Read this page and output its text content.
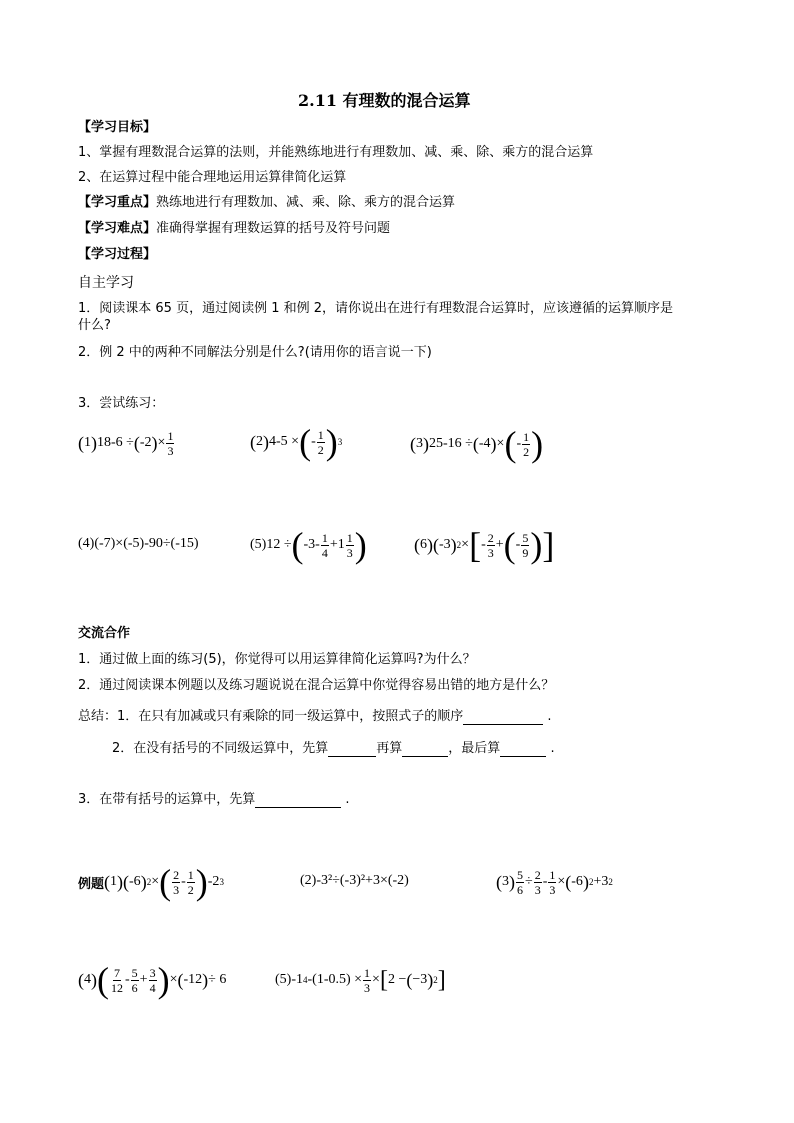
2.11 有理数的混合运算
【学习目标】
1、掌握有理数混合运算的法则，并能熟练地进行有理数加、减、乘、除、乘方的混合运算
2、在运算过程中能合理地运用运算律简化运算
【学习重点】熟练地进行有理数加、减、乘、除、乘方的混合运算
【学习难点】准确得掌握有理数运算的括号及符号问题
【学习过程】
自主学习
1．阅读课本 65 页，通过阅读例 1 和例 2，请你说出在进行有理数混合运算时，应该遵循的运算顺序是
什么?
2．例 2 中的两种不同解法分别是什么?(请用你的语言说一下)
3．尝试练习：
( 1 ) 18-6 ÷ ( -2 ) × $\frac{1}{3}$	( 2 ) 4-5 × ( - $\frac{1}{2}$ ) 3	( 3 ) 25-16 ÷ ( -4 ) × ( - $\frac{1}{2}$ )
(4)(-7)×(-5)-90÷(-15)	(5)12 ÷ ( $-3- \frac{1}{4} +1 \frac{1}{3}$ )	( 6 ) ( -3 ) 2 × [ - $\frac{2}{3}$ + ( - $\frac{5}{9}$ ) ]
交流合作
1．通过做上面的练习(5)，你觉得可以用运算律简化运算吗?为什么？
2．通过阅读课本例题以及练习题说说在混合运算中你觉得容易出错的地方是什么？
总结：1．在只有加减或只有乘除的同一级运算中，按照式子的顺序	.
2．在没有括号的不同级运算中，先算	再算	，最后算	.
3．在带有括号的运算中，先算	.
例题 ( 1 ) ( -6 ) 2 × ( $\frac{2}{3} - \frac{1}{2}$ ) -2 3	(2)-3²÷(-3)²+3×(-2)	( 3 ) $\frac{5}{6} \div \frac{2}{3} - \frac{1}{3}$ × ( -6 ) 2 +3 2
( 4 ) ( $\frac{7}{12} - \frac{5}{6} + \frac{3}{4}$ ) × ( -12 ) ÷ 6	(5)-1 4 $-(1-0.5) \times \frac{1}{3}$ × [ 2 − ( −3 ) 2 ]
